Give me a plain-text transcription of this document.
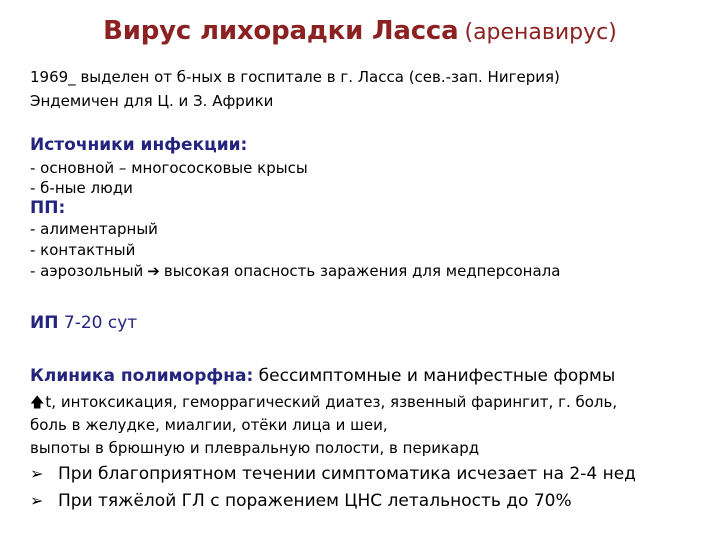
Вирус лихорадки Ласса (аренавирус)
1969_ выделен от б-ных в госпитале в г. Ласса (сев.-зап. Нигерия)
Эндемичен для Ц. и З. Африки
Источники инфекции:
- основной – многососковые крысы
- б-ные люди
ПП:
- алиментарный
- контактный
- аэрозольный ➔ высокая опасность заражения для медперсонала
ИП 7-20 сут
Клиника полиморфна: бессимптомные и манифестные формы
🡅t, интоксикация, геморрагический диатез, язвенный фарингит, г. боль,
боль в желудке, миалгии, отёки лица и шеи,
выпоты в брюшную и плевральную полости, в перикард
➢ При благоприятном течении симптоматика исчезает на 2-4 нед
➢ При тяжёлой ГЛ с поражением ЦНС летальность до 70%
